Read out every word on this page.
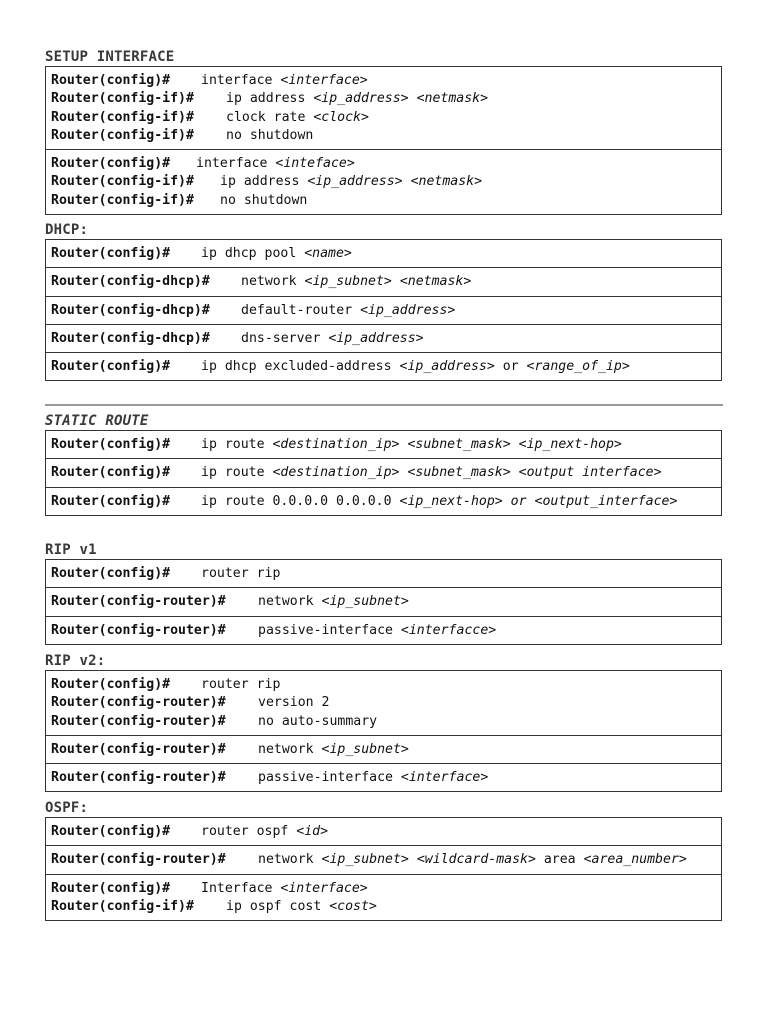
SETUP INTERFACE
Router(config)# interface <interface>
Router(config-if)# ip address <ip_address> <netmask>
Router(config-if)# clock rate <clock>
Router(config-if)# no shutdown
Router(config)# interface <inteface>
Router(config-if)# ip address <ip_address> <netmask>
Router(config-if)# no shutdown
DHCP:
Router(config)# ip dhcp pool <name>
Router(config-dhcp)# network <ip_subnet> <netmask>
Router(config-dhcp)# default-router <ip_address>
Router(config-dhcp)# dns-server <ip_address>
Router(config)# ip dhcp excluded-address <ip_address> or <range_of_ip>
STATIC ROUTE
Router(config)# ip route <destination_ip> <subnet_mask> <ip_next-hop>
Router(config)# ip route <destination_ip> <subnet_mask> <output interface>
Router(config)# ip route 0.0.0.0 0.0.0.0 <ip_next-hop> or <output_interface>
RIP v1
Router(config)# router rip
Router(config-router)# network <ip_subnet>
Router(config-router)# passive-interface <interfacce>
RIP v2:
Router(config)# router rip
Router(config-router)# version 2
Router(config-router)# no auto-summary
Router(config-router)# network <ip_subnet>
Router(config-router)# passive-interface <interface>
OSPF:
Router(config)# router ospf <id>
Router(config-router)# network <ip_subnet> <wildcard-mask> area <area_number>
Router(config)# Interface <interface>
Router(config-if)# ip ospf cost <cost>
